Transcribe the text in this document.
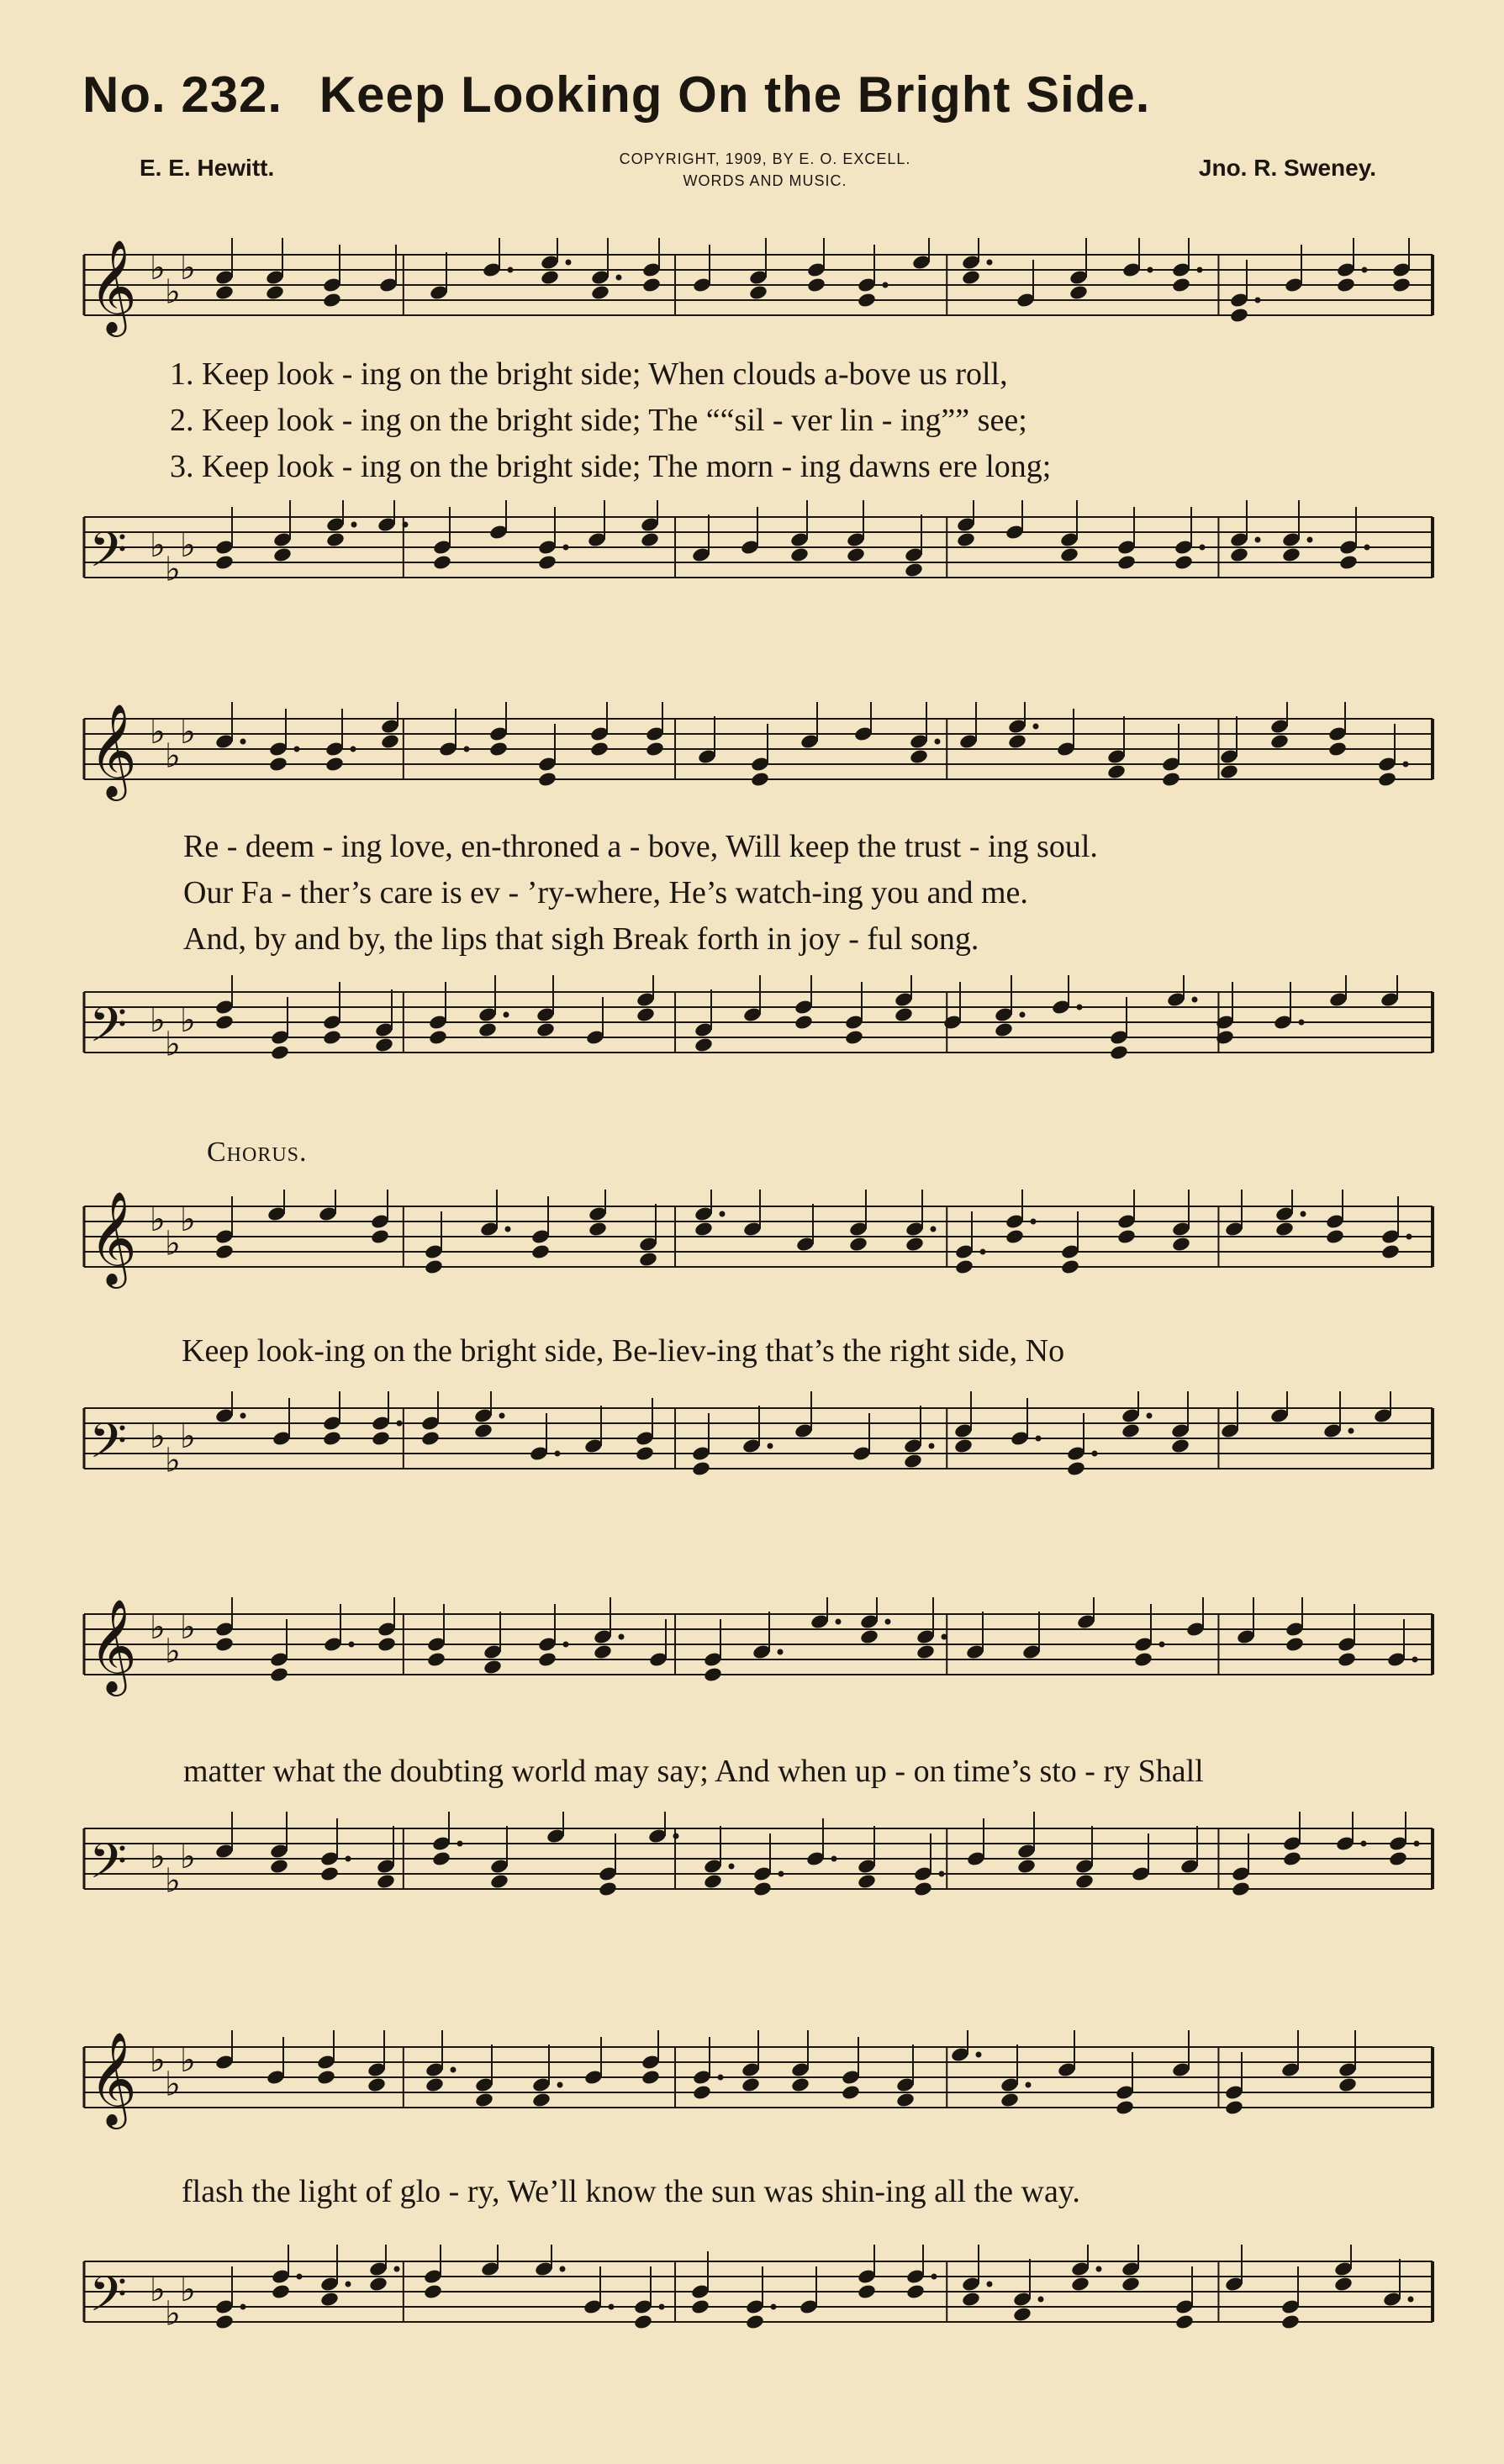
No. 232. Keep Looking On the Bright Side.
E. E. Hewitt.	COPYRIGHT, 1909, BY E. O. EXCELL.
WORDS AND MUSIC.	Jno. R. Sweney.
𝄞 ♭
♭
♭
1. Keep look - ing on the bright side; When clouds a-bove us roll,
2. Keep look - ing on the bright side; The ““sil - ver lin - ing”” see;
3. Keep look - ing on the bright side; The morn - ing dawns ere long;
𝄢 ♭
♭
♭
𝄞 ♭
♭
♭
Re - deem - ing love, en-throned a - bove, Will keep the trust - ing soul.
Our Fa - ther’s care is ev - ’ry-where, He’s watch-ing you and me.
And, by and by, the lips that sigh Break forth in joy - ful song.
𝄢 ♭
♭
♭
Chorus.
𝄞 ♭
♭
♭
Keep look-ing on the bright side, Be-liev-ing that’s the right side, No
𝄢 ♭
♭
♭
𝄞 ♭
♭
♭
matter what the doubting world may say; And when up - on time’s sto - ry Shall
𝄢 ♭
♭
♭
𝄞 ♭
♭
♭
flash the light of glo - ry, We’ll know the sun was shin-ing all the way.
𝄢 ♭
♭
♭
